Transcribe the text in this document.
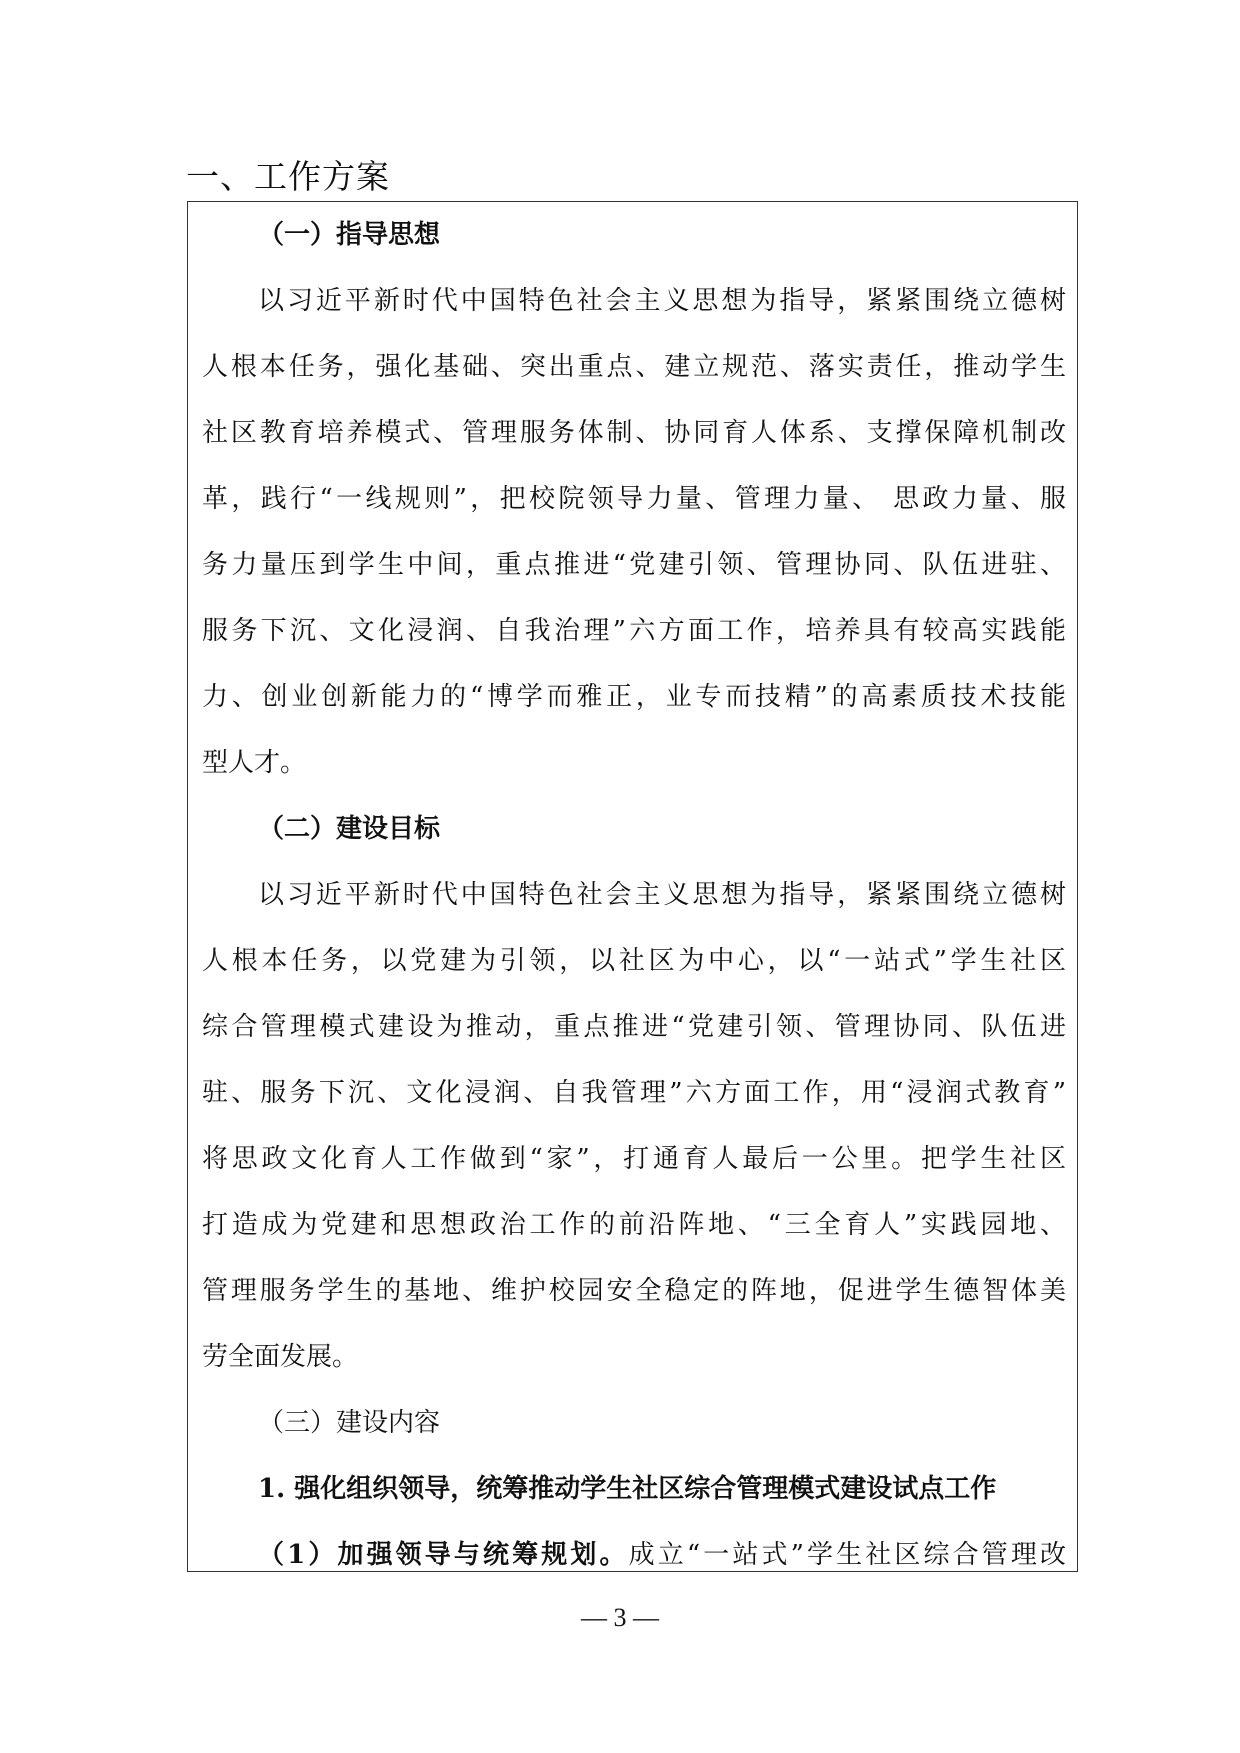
一、工作方案
（一）指导思想
以习近平新时代中国特色社会主义思想为指导，紧紧围绕立德树
人根本任务，强化基础、突出重点、建立规范、落实责任，推动学生
社区教育培养模式、管理服务体制、协同育人体系、支撑保障机制改
革，践行“一线规则”，把校院领导力量、管理力量、 思政力量、服
务力量压到学生中间，重点推进“党建引领、管理协同、队伍进驻、
服务下沉、文化浸润、自我治理”六方面工作，培养具有较高实践能
力、创业创新能力的“博学而雅正，业专而技精”的高素质技术技能
型人才。
（二）建设目标
以习近平新时代中国特色社会主义思想为指导，紧紧围绕立德树
人根本任务，以党建为引领，以社区为中心，以“一站式”学生社区
综合管理模式建设为推动，重点推进“党建引领、管理协同、队伍进
驻、服务下沉、文化浸润、自我管理”六方面工作，用“浸润式教育”
将思政文化育人工作做到“家”，打通育人最后一公里。把学生社区
打造成为党建和思想政治工作的前沿阵地、“三全育人”实践园地、
管理服务学生的基地、维护校园安全稳定的阵地，促进学生德智体美
劳全面发展。
（三）建设内容
1. 强化组织领导，统筹推动学生社区综合管理模式建设试点工作
（1）加强领导与统筹规划。成立“一站式”学生社区综合管理改
— 3 —
